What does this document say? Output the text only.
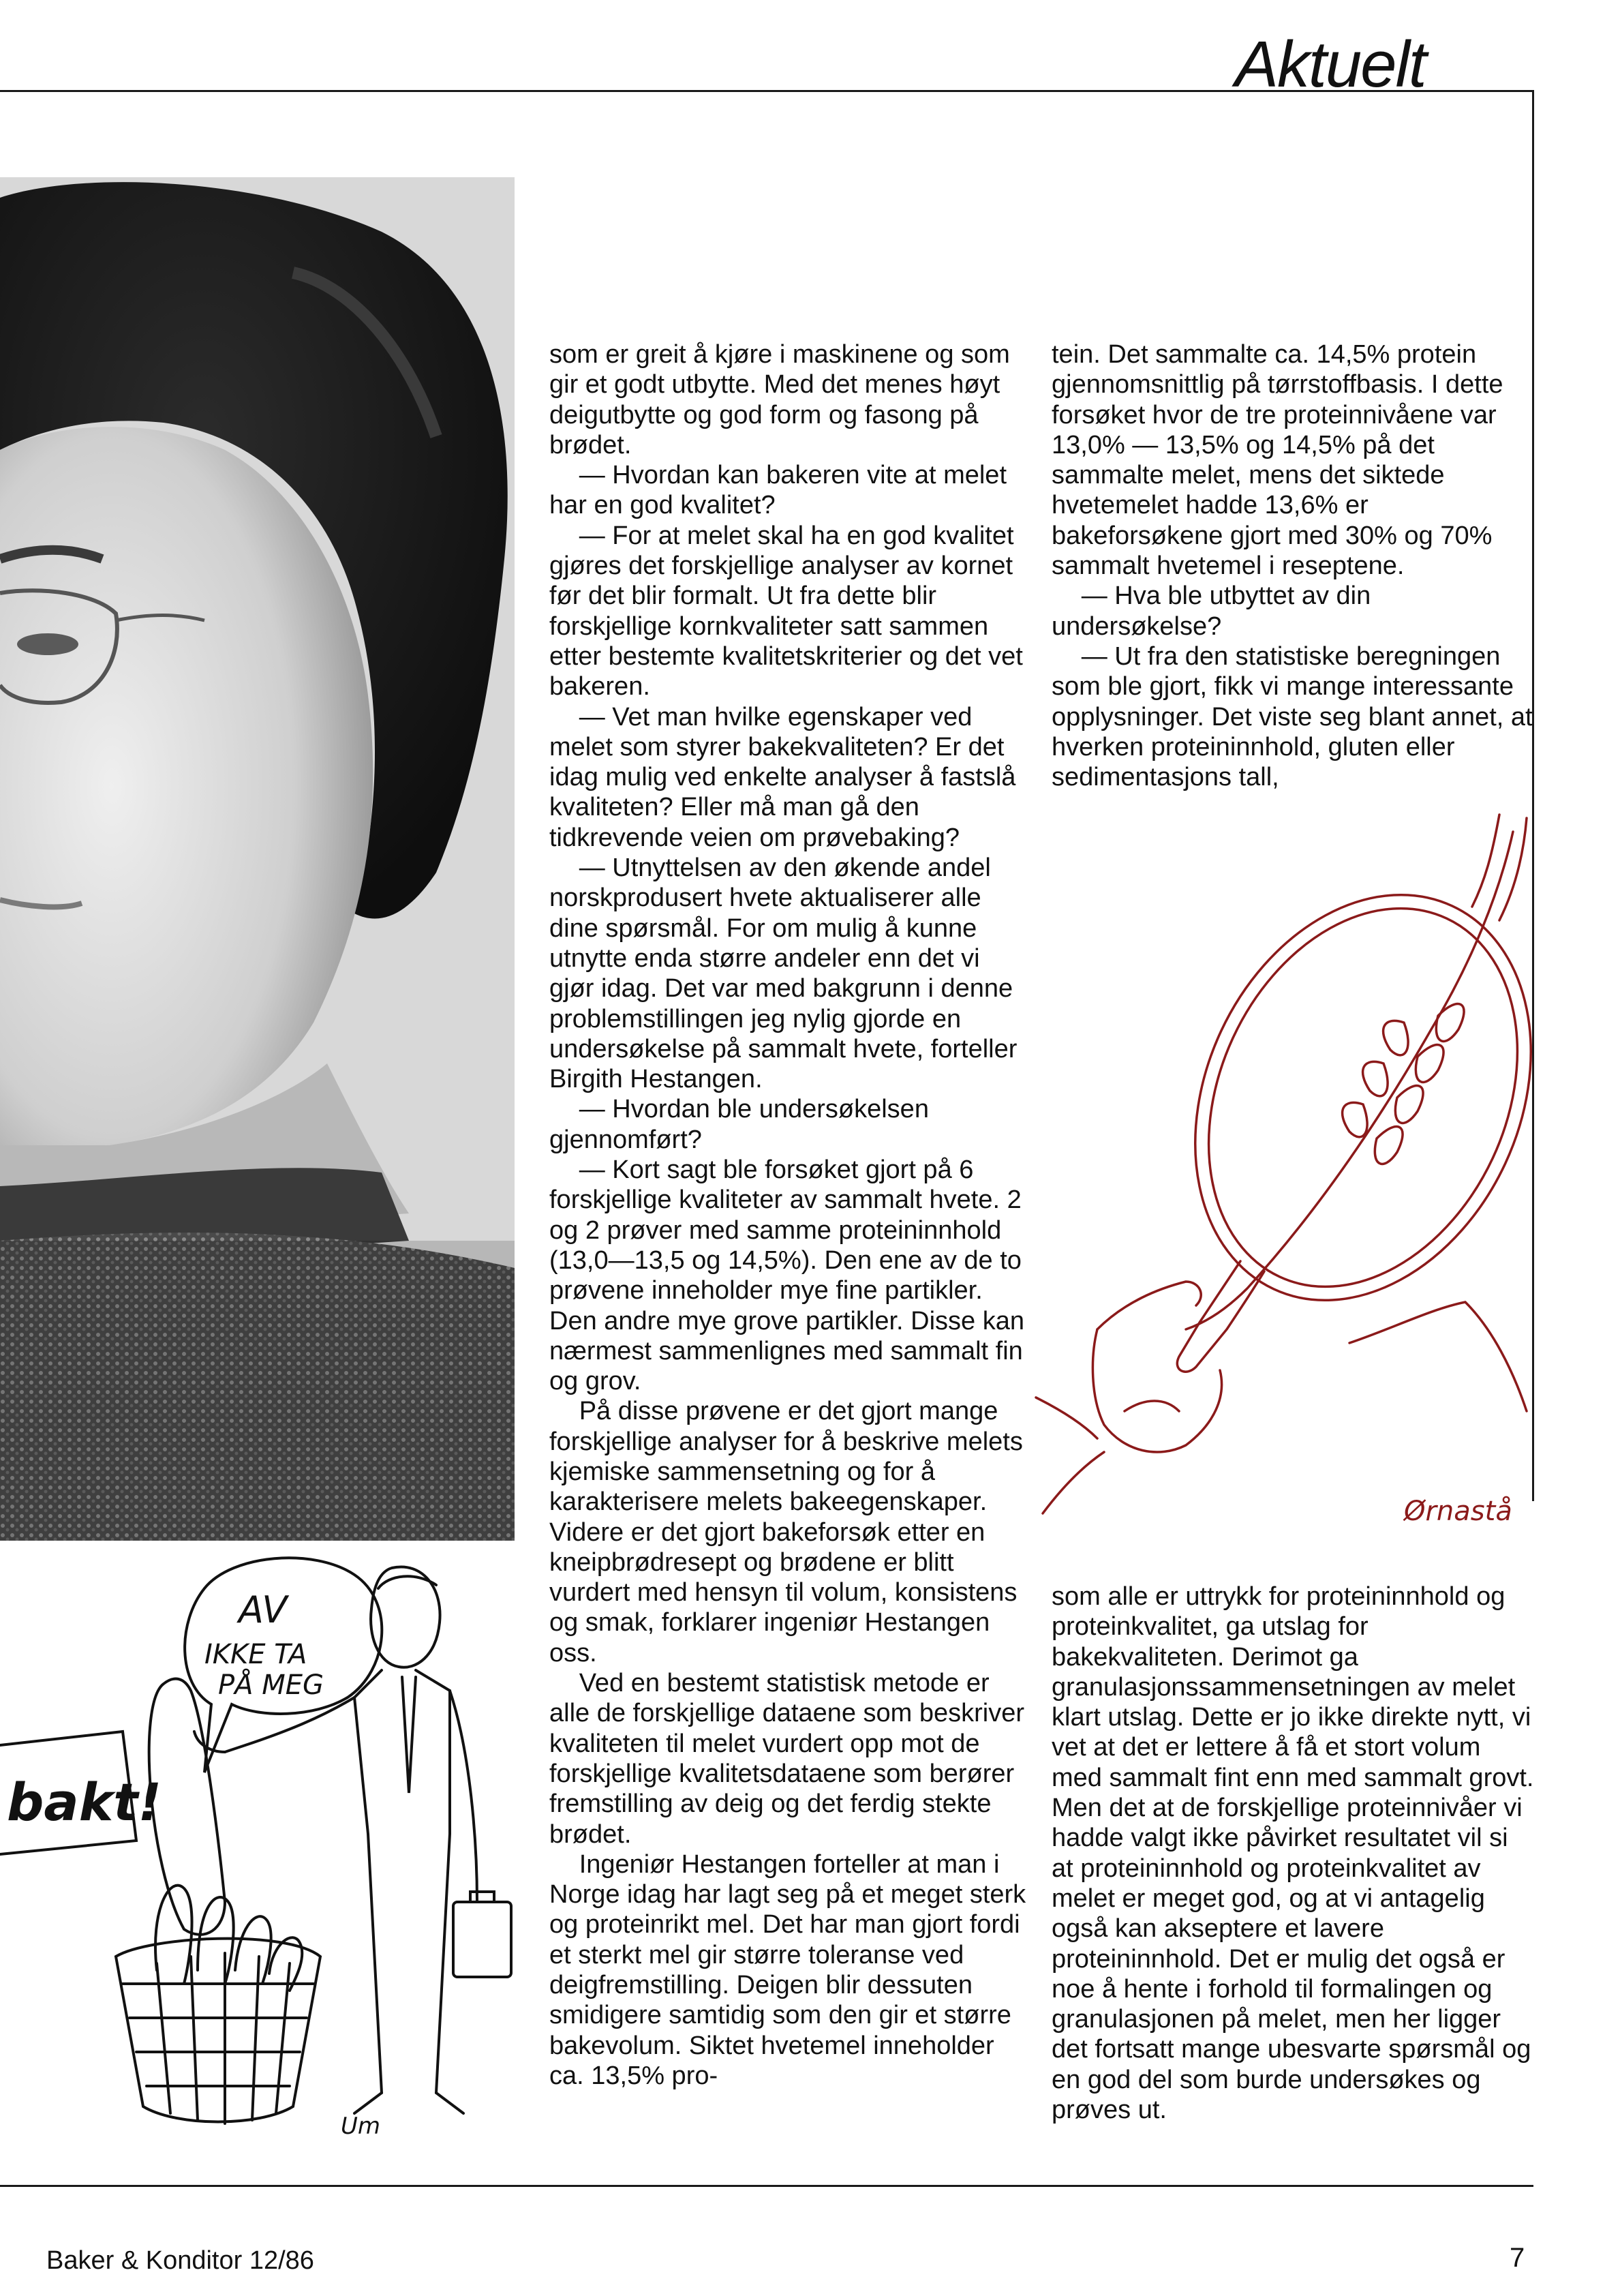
Aktuelt
AV
IKKE TA
PÅ MEG
bakt!
Um
Ørnastå

som er greit å kjøre i maskinene og som gir et godt utbytte. Med det menes høyt deigutbytte og god form og fasong på brødet.

— Hvordan kan bakeren vite at melet har en god kvalitet?

— For at melet skal ha en god kvalitet gjøres det forskjellige analyser av kornet før det blir formalt. Ut fra dette blir forskjellige kornkvaliteter satt sammen etter bestemte kvalitetskriterier og det vet bakeren.

— Vet man hvilke egenskaper ved melet som styrer bakekvaliteten? Er det idag mulig ved enkelte analyser å fastslå kvaliteten? Eller må man gå den tidkrevende veien om prøvebaking?

— Utnyttelsen av den økende andel norskprodusert hvete aktualiserer alle dine spørsmål. For om mulig å kunne utnytte enda større andeler enn det vi gjør idag. Det var med bakgrunn i denne problemstillingen jeg nylig gjorde en undersøkelse på sammalt hvete, forteller Birgith Hestangen.

— Hvordan ble undersøkelsen gjennomført?

— Kort sagt ble forsøket gjort på 6 forskjellige kvaliteter av sammalt hvete. 2 og 2 prøver med samme proteininnhold (13,0—13,5 og 14,5%). Den ene av de to prøvene inneholder mye fine partikler. Den andre mye grove partikler. Disse kan nærmest sammenlignes med sammalt fin og grov.

På disse prøvene er det gjort mange forskjellige analyser for å beskrive melets kjemiske sammensetning og for å karakterisere melets bakeegenskaper. Videre er det gjort bakeforsøk etter en kneipbrødresept og brødene er blitt vurdert med hensyn til volum, konsistens og smak, forklarer ingeniør Hestangen oss.

Ved en bestemt statistisk metode er alle de forskjellige dataene som beskriver kvaliteten til melet vurdert opp mot de forskjellige kvalitetsdataene som berører fremstilling av deig og det ferdig stekte brødet.

Ingeniør Hestangen forteller at man i Norge idag har lagt seg på et meget sterk og proteinrikt mel. Det har man gjort fordi et sterkt mel gir større toleranse ved deigfremstilling. Deigen blir dessuten smidigere samtidig som den gir et større bakevolum. Siktet hvetemel inneholder ca. 13,5% pro-

tein. Det sammalte ca. 14,5% protein gjennomsnittlig på tørrstoffbasis. I dette forsøket hvor de tre proteinnivåene var 13,0% — 13,5% og 14,5% på det sammalte melet, mens det siktede hvetemelet hadde 13,6% er bakeforsøkene gjort med 30% og 70% sammalt hvetemel i reseptene.

— Hva ble utbyttet av din undersøkelse?

— Ut fra den statistiske beregningen som ble gjort, fikk vi mange interessante opplysninger. Det viste seg blant annet, at hverken proteininnhold, gluten eller sedimentasjons tall,

som alle er uttrykk for proteininnhold og proteinkvalitet, ga utslag for bakekvaliteten. Derimot ga granulasjonssammensetningen av melet klart utslag. Dette er jo ikke direkte nytt, vi vet at det er lettere å få et stort volum med sammalt fint enn med sammalt grovt. Men det at de forskjellige proteinnivåer vi hadde valgt ikke påvirket resultatet vil si at proteininnhold og proteinkvalitet av melet er meget god, og at vi antagelig også kan akseptere et lavere proteininnhold. Det er mulig det også er noe å hente i forhold til formalingen og granulasjonen på melet, men her ligger det fortsatt mange ubesvarte spørsmål og en god del som burde undersøkes og prøves ut.

Baker & Konditor 12/86	7
